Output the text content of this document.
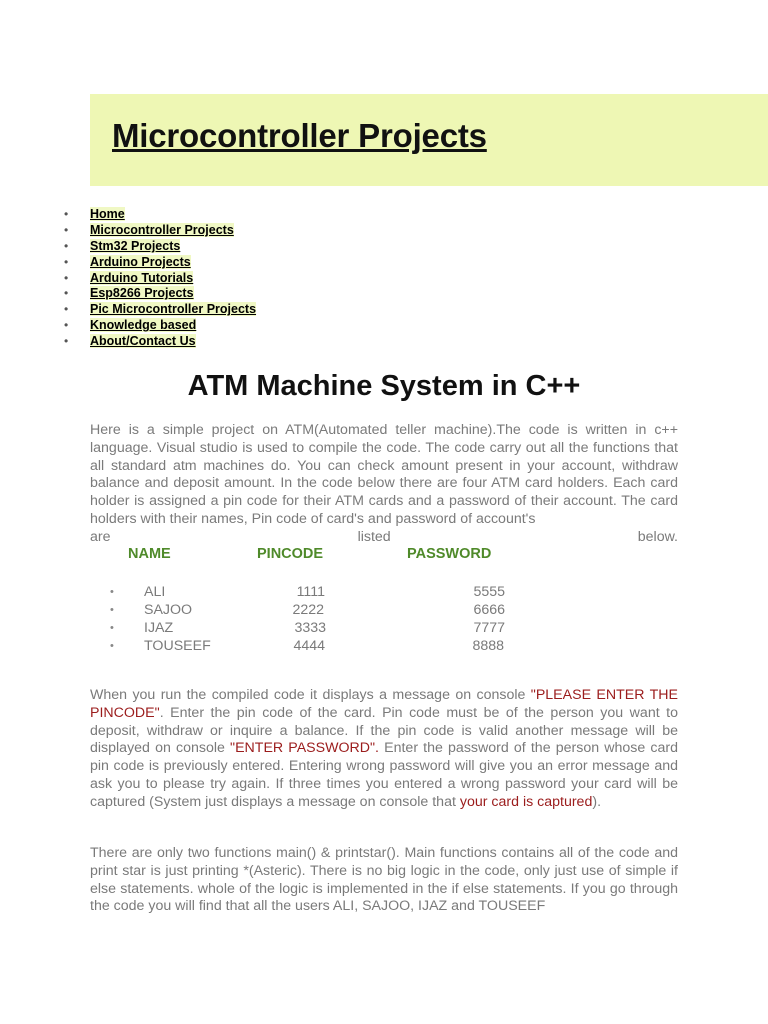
Microcontroller Projects
• Home
• Microcontroller Projects
• Stm32 Projects
• Arduino Projects
• Arduino Tutorials
• Esp8266 Projects
• Pic Microcontroller Projects
• Knowledge based
• About/Contact Us
ATM Machine System in C++
Here is a simple project on ATM(Automated teller machine).The code is written in c++ language. Visual studio is used to compile the code. The code carry out all the functions that all standard atm machines do. You can check amount present in your account, withdraw balance and deposit amount. In the code below there are four ATM card holders. Each card holder is assigned a pin code for their ATM cards and a password of their account. The card holders with their names, Pin code of card's and password of account's
are	listed	below.
NAME	PINCODE	PASSWORD
• ALI	1111	5555
• SAJOO	2222	6666
• IJAZ	3333	7777
• TOUSEEF	4444	8888

When you run the compiled code it displays a message on console "PLEASE ENTER THE PINCODE". Enter the pin code of the card. Pin code must be of the person you want to deposit, withdraw or inquire a balance. If the pin code is valid another message will be displayed on console "ENTER PASSWORD". Enter the password of the person whose card pin code is previously entered. Entering wrong password will give you an error message and ask you to please try again. If three times you entered a wrong password your card will be captured (System just displays a message on console that your card is captured).

There are only two functions main() & printstar(). Main functions contains all of the code and print star is just printing *(Asteric). There is no big logic in the code, only just use of simple if else statements. whole of the logic is implemented in the if else statements. If you go through the code you will find that all the users ALI, SAJOO, IJAZ and TOUSEEF
